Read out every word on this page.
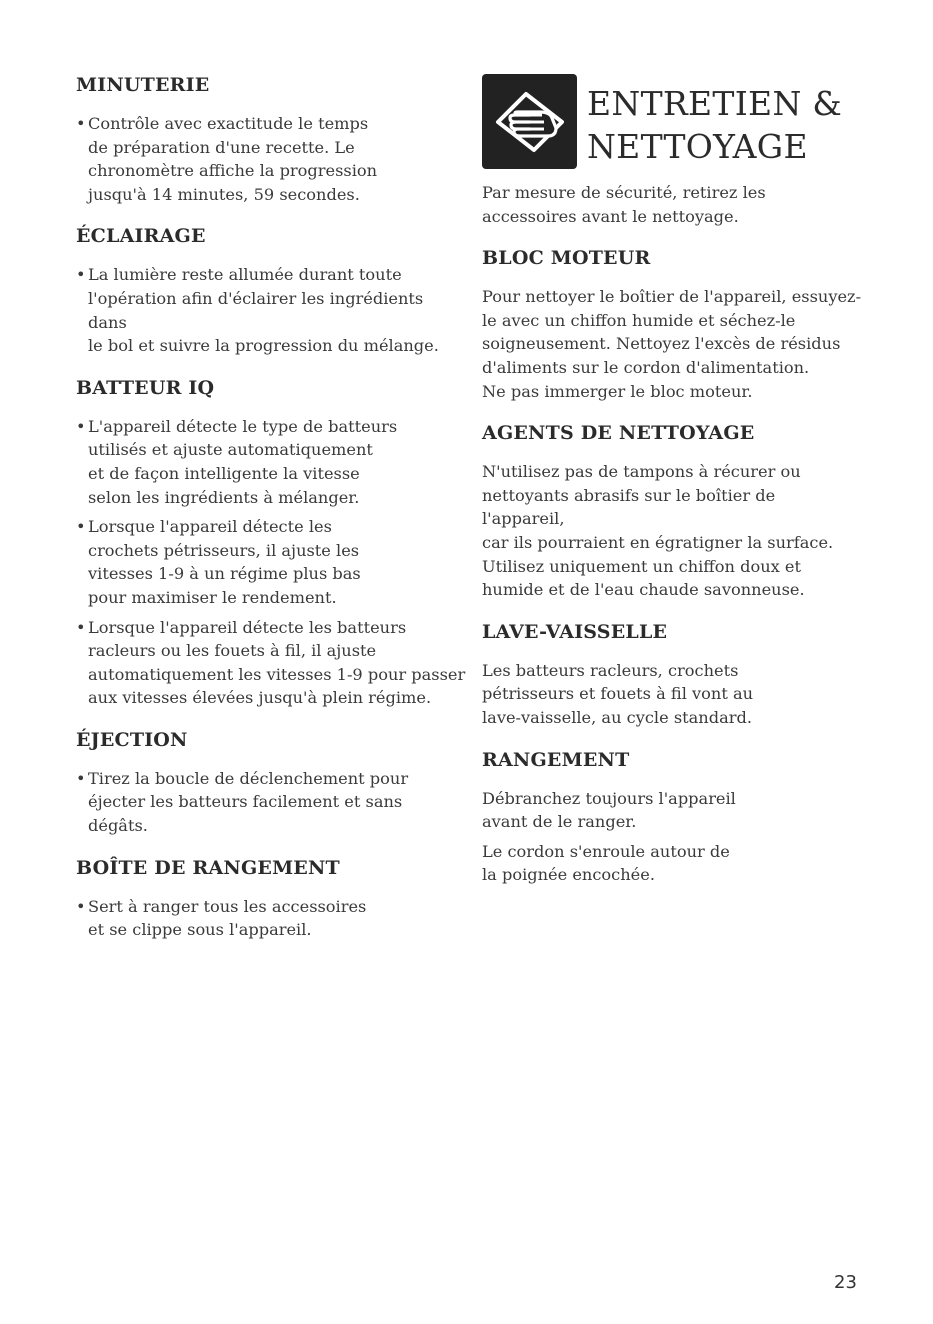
MINUTERIE
• Contrôle avec exactitude le temps
de préparation d'une recette. Le
chronomètre affiche la progression
jusqu'à 14 minutes, 59 secondes.
ÉCLAIRAGE
• La lumière reste allumée durant toute
l'opération afin d'éclairer les ingrédients dans
le bol et suivre la progression du mélange.
BATTEUR IQ
• L'appareil détecte le type de batteurs
utilisés et ajuste automatiquement
et de façon intelligente la vitesse
selon les ingrédients à mélanger.
• Lorsque l'appareil détecte les
crochets pétrisseurs, il ajuste les
vitesses 1-9 à un régime plus bas
pour maximiser le rendement.
• Lorsque l'appareil détecte les batteurs
racleurs ou les fouets à fil, il ajuste
automatiquement les vitesses 1-9 pour passer
aux vitesses élevées jusqu'à plein régime.
ÉJECTION
• Tirez la boucle de déclenchement pour
éjecter les batteurs facilement et sans dégâts.
BOÎTE DE RANGEMENT
• Sert à ranger tous les accessoires
et se clippe sous l'appareil.
ENTRETIEN &
NETTOYAGE

Par mesure de sécurité, retirez les
accessoires avant le nettoyage.

BLOC MOTEUR

Pour nettoyer le boîtier de l'appareil, essuyez-
le avec un chiffon humide et séchez-le
soigneusement. Nettoyez l'excès de résidus
d'aliments sur le cordon d'alimentation.
Ne pas immerger le bloc moteur.

AGENTS DE NETTOYAGE

N'utilisez pas de tampons à récurer ou
nettoyants abrasifs sur le boîtier de l'appareil,
car ils pourraient en égratigner la surface.
Utilisez uniquement un chiffon doux et
humide et de l'eau chaude savonneuse.

LAVE-VAISSELLE

Les batteurs racleurs, crochets
pétrisseurs et fouets à fil vont au
lave-vaisselle, au cycle standard.

RANGEMENT

Débranchez toujours l'appareil
avant de le ranger.

Le cordon s'enroule autour de
la poignée encochée.

23
